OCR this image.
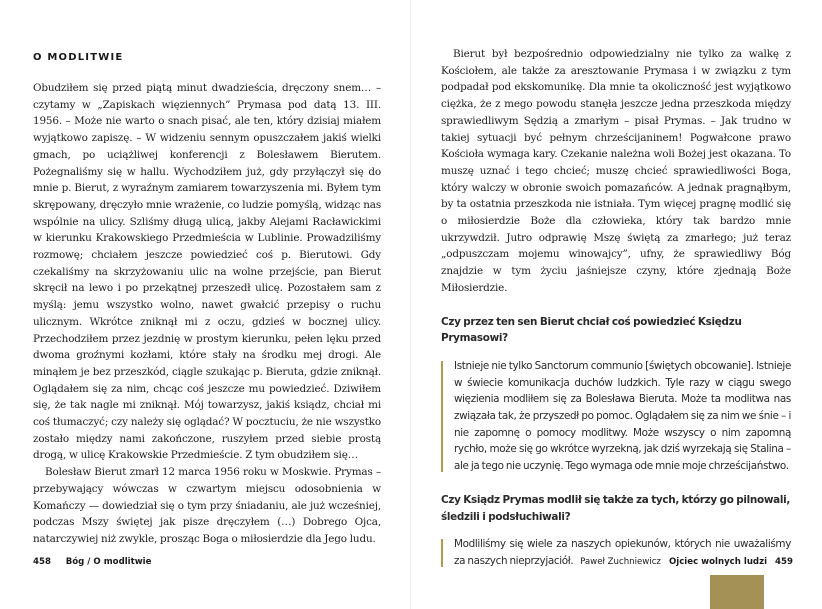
O MODLITWIE

Obudziłem się przed piątą minut dwadzieścia, dręczony snem… – czytamy w „Zapiskach więziennych” Prymasa pod datą 13. III. 1956. – Może nie warto o snach pisać, ale ten, który dzisiaj miałem wyjątkowo zapiszę. – W widzeniu sennym opuszczałem jakiś wielki gmach, po uciążliwej konferencji z Bolesławem Bierutem. Pożegnaliśmy się w hallu. Wychodziłem już, gdy przyłączył się do mnie p. Bierut, z wyraźnym zamiarem towarzyszenia mi. Byłem tym skrępowany, dręczyło mnie wrażenie, co ludzie pomyślą, widząc nas wspólnie na ulicy. Szliśmy długą ulicą, jakby Alejami Racławickimi w kierunku Krakowskiego Przedmieścia w Lublinie. Prowadziliśmy rozmowę; chciałem jeszcze powiedzieć coś p. Bierutowi. Gdy czekaliśmy na skrzyżowaniu ulic na wolne przejście, pan Bierut skręcił na lewo i po przekątnej przeszedł ulicę. Pozostałem sam z myślą: jemu wszystko wolno, nawet gwałcić przepisy o ruchu ulicznym. Wkrótce zniknął mi z oczu, gdzieś w bocznej ulicy. Przechodziłem przez jezdnię w prostym kierunku, pełen lęku przed dwoma groźnymi kozłami, które stały na środku mej drogi. Ale minąłem je bez przeszkód, ciągle szukając p. Bieruta, gdzie zniknął. Oglądałem się za nim, chcąc coś jeszcze mu powiedzieć. Dziwiłem się, że tak nagle mi zniknął. Mój towarzysz, jakiś ksiądz, chciał mi coś tłumaczyć; czy należy się oglądać? W pocztuciu, że nie wszystko zostało między nami zakończone, ruszyłem przed siebie prostą drogą, w ulicę Krakowskie Przedmieście. Z tym obudziłem się…

Bolesław Bierut zmarł 12 marca 1956 roku w Moskwie. Prymas – przebywający wówczas w czwartym miejscu odosobnienia w Komańczy — dowiedział się o tym przy śniadaniu, ale już wcześniej, podczas Mszy świętej jak pisze dręczyłem (…) Dobrego Ojca, natarczywiej niż zwykle, prosząc Boga o miłosierdzie dla Jego ludu.

458 Bóg / O modlitwie

Bierut był bezpośrednio odpowiedzialny nie tylko za walkę z Kościołem, ale także za aresztowanie Prymasa i w związku z tym podpadał pod ekskomunikę. Dla mnie ta okoliczność jest wyjątkowo ciężka, że z mego powodu stanęła jeszcze jedna przeszkoda między sprawiedliwym Sędzią a zmarłym – pisał Prymas. – Jak trudno w takiej sytuacji być pełnym chrześcijaninem! Pogwałcone prawo Kościoła wymaga kary. Czekanie należna woli Bożej jest okazana. To muszę uznać i tego chcieć; muszę chcieć sprawiedliwości Boga, który walczy w obronie swoich pomazańców. A jednak pragnąłbym, by ta ostatnia przeszkoda nie istniała. Tym więcej pragnę modlić się o miłosierdzie Boże dla człowieka, który tak bardzo mnie ukrzywdził. Jutro odprawię Mszę świętą za zmarłego; już teraz „odpuszczam mojemu winowajcy”, ufny, że sprawiedliwy Bóg znajdzie w tym życiu jaśniejsze czyny, które zjednają Boże Miłosierdzie.

Czy przez ten sen Bierut chciał coś powiedzieć Księdzu Prymasowi?

Istnieje nie tylko Sanctorum communio [świętych obcowanie]. Istnieje w świecie komunikacja duchów ludzkich. Tyle razy w ciągu swego więzienia modliłem się za Bolesława Bieruta. Może ta modlitwa nas związała tak, że przyszedł po pomoc. Oglądałem się za nim we śnie – i nie zapomnę o pomocy modlitwy. Może wszyscy o nim zapomną rychło, może się go wkrótce wyrzekną, jak dziś wyrzekają się Stalina – ale ja tego nie uczynię. Tego wymaga ode mnie moje chrześcijaństwo.

Czy Ksiądz Prymas modlił się także za tych, którzy go pilnowali, śledzili i podsłuchiwali?

Modliliśmy się wiele za naszych opiekunów, których nie uważaliśmy za naszych nieprzyjaciół. Paweł Zuchniewicz Ojciec wolnych ludzi 459
